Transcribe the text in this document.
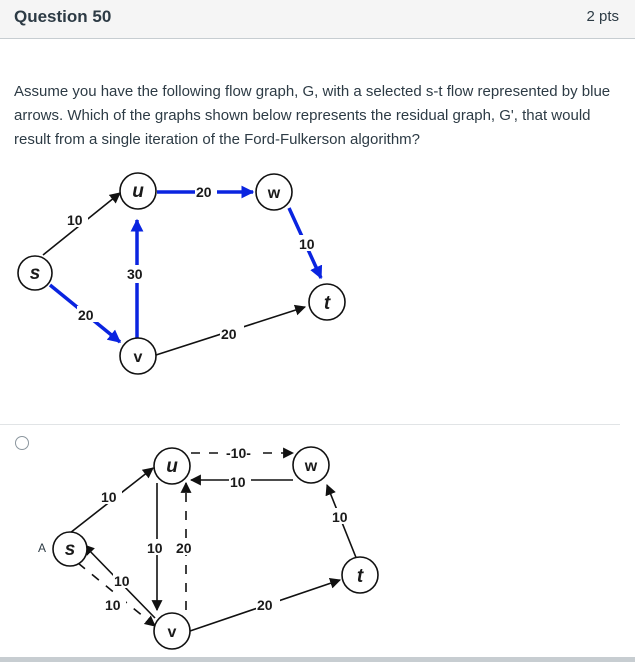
Question 50	2 pts
Assume you have the following flow graph, G, with a selected s-t flow represented by blue arrows. Which of the graphs shown below represents the residual graph, G', that would result from a single iteration of the Ford-Fulkerson algorithm?
10
20
30
20
10
20
s
u	w
t
v
A
10
10
10
10 20
-10-
10
10
20
s
u	w
t
v
